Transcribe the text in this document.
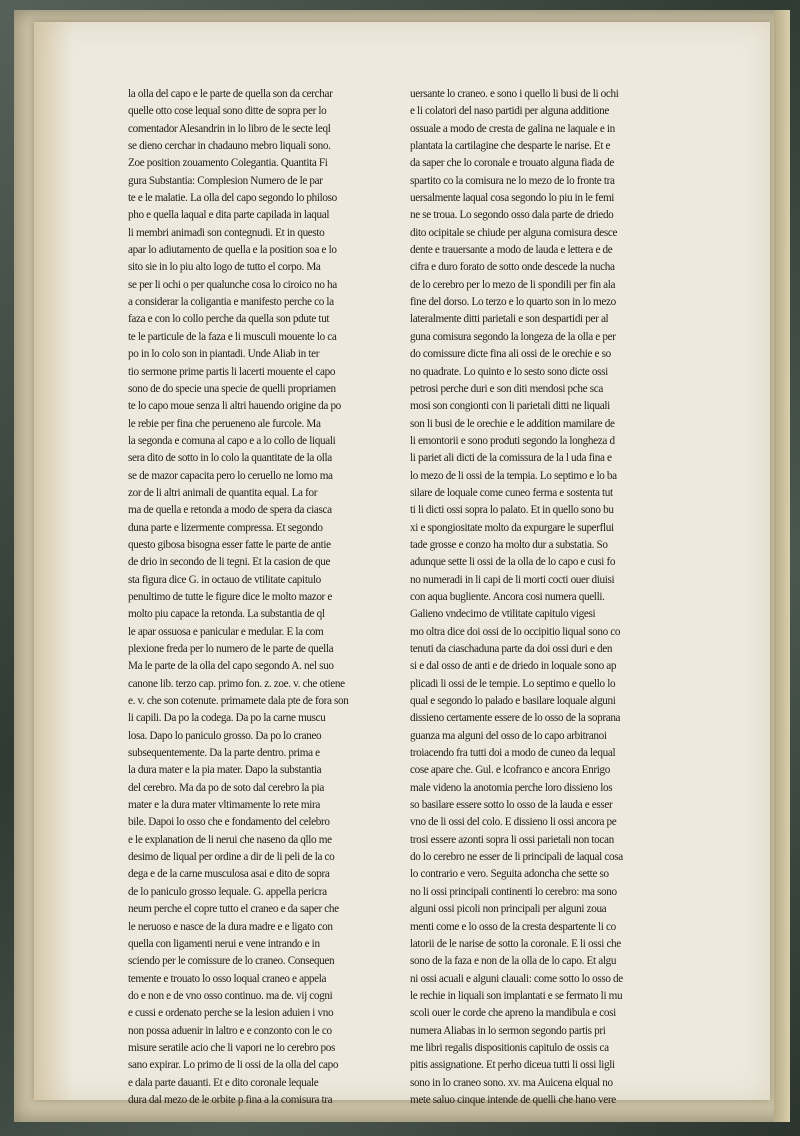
la olla del capo e le parte de quella son da cerchar
quelle otto cose lequal sono ditte de sopra per lo
comentador Alesandrin in lo libro de le secte leql
se dieno cerchar in chadauno mebro liquali sono.
Zoe position zouamento Colegantia. Quantita Fi
gura Substantia: Complesion Numero de le par
te e le malatie. La olla del capo segondo lo philoso
pho e quella laqual e dita parte capilada in laqual
li membri animadi son contegnudi. Et in questo
apar lo adiutamento de quella e la position soa e lo
sito sie in lo piu alto logo de tutto el corpo. Ma
se per li ochi o per qualunche cosa lo ciroico no ha
a considerar la coligantia e manifesto perche co la
faza e con lo collo perche da quella son pdute tut
te le particule de la faza e li musculi mouente lo ca
po in lo colo son in piantadi. Unde Aliab in ter
tio sermone prime partis li lacerti mouente el capo
sono de do specie una specie de quelli propriamen
te lo capo moue senza li altri hauendo origine da po
le rebie per fina che perueneno ale furcole. Ma
la segonda e comuna al capo e a lo collo de liquali
sera dito de sotto in lo colo la quantitate de la olla
se de mazor capacita pero lo ceruello ne lomo ma
zor de li altri animali de quantita equal. La for
ma de quella e retonda a modo de spera da ciasca
duna parte e lizermente compressa. Et segondo
questo gibosa bisogna esser fatte le parte de antie
de drio in secondo de li tegni. Et la casion de que
sta figura dice G. in octauo de vtilitate capitulo
penultimo de tutte le figure dice le molto mazor e
molto piu capace la retonda. La substantia de ql
le apar ossuosa e panicular e medular. E la com
plexione freda per lo numero de le parte de quella
Ma le parte de la olla del capo segondo A. nel suo
canone lib. terzo cap. primo fon. z. zoe. v. che otiene
e. v. che son cotenute. primamete dala pte de fora son
li capili. Da po la codega. Da po la carne muscu
losa. Dapo lo paniculo grosso. Da po lo craneo
subsequentemente. Da la parte dentro. prima e
la dura mater e la pia mater. Dapo la substantia
del cerebro. Ma da po de soto dal cerebro la pia
mater e la dura mater vltimamente lo rete mira
bile. Dapoi lo osso che e fondamento del celebro
e le explanation de li nerui che naseno da qllo me
desimo de liqual per ordine a dir de li peli de la co
dega e de la carne musculosa asai e dito de sopra
de lo paniculo grosso lequale. G. appella pericra
neum perche el copre tutto el craneo e da saper che
le neruoso e nasce de la dura madre e e ligato con
quella con ligamenti nerui e vene intrando e in
sciendo per le comissure de lo craneo. Consequen
temente e trouato lo osso loqual craneo e appela
do e non e de vno osso continuo. ma de. vij cogni
e cussi e ordenato perche se la lesion aduien i vno
non possa aduenir in laltro e e conzonto con le co
misure seratile acio che li vapori ne lo cerebro pos
sano expirar. Lo primo de li ossi de la olla del capo
e dala parte dauanti. Et e dito coronale lequale
dura dal mezo de le orbite p fina a la comisura tra
uersante lo craneo. e sono i quello li busi de li ochi
e li colatori del naso partidi per alguna additione
ossuale a modo de cresta de galina ne laquale e in
plantata la cartilagine che desparte le narise. Et e
da saper che lo coronale e trouato alguna fiada de
spartito co la comisura ne lo mezo de lo fronte tra
uersalmente laqual cosa segondo lo piu in le femi
ne se troua. Lo segondo osso dala parte de driedo
dito ocipitale se chiude per alguna comisura desce
dente e trauersante a modo de lauda e lettera e de
cifra e duro forato de sotto onde descede la nucha
de lo cerebro per lo mezo de li spondili per fin ala
fine del dorso. Lo terzo e lo quarto son in lo mezo
lateralmente ditti parietali e son despartidi per al
guna comisura segondo la longeza de la olla e per
do comissure dicte fina ali ossi de le orechie e so
no quadrate. Lo quinto e lo sesto sono dicte ossi
petrosi perche duri e son diti mendosi pche sca
mosi son congionti con li parietali ditti ne liquali
son li busi de le orechie e le addition mamilare de
li emontorii e sono produti segondo la longheza d
li pariet ali dicti de la comissura de la l uda fina e
lo mezo de li ossi de la tempia. Lo septimo e lo ba
silare de loquale come cuneo ferma e sostenta tut
ti li dicti ossi sopra lo palato. Et in quello sono bu
xi e spongiositate molto da expurgare le superflui
tade grosse e conzo ha molto dur a substatia. So
adunque sette li ossi de la olla de lo capo e cusi fo
no numeradi in li capi de li morti cocti ouer diuisi
con aqua bugliente. Ancora cosi numera quelli.
Galieno vndecimo de vtilitate capitulo vigesi
mo oltra dice doi ossi de lo occipitio liqual sono co
tenuti da ciaschaduna parte da doi ossi duri e den
si e dal osso de anti e de driedo in loquale sono ap
plicadi li ossi de le tempie. Lo septimo e quello lo
qual e segondo lo palado e basilare loquale alguni
dissieno certamente essere de lo osso de la soprana
guanza ma alguni del osso de lo capo arbitranoi
troiacendo fra tutti doi a modo de cuneo da lequal
cose apare che. Gul. e lcofranco e ancora Enrigo
male videno la anotomia perche loro dissieno los
so basilare essere sotto lo osso de la lauda e esser
vno de li ossi del colo. E dissieno li ossi ancora pe
trosi essere azonti sopra li ossi parietali non tocan
do lo cerebro ne esser de li principali de laqual cosa
lo contrario e vero. Seguita adoncha che sette so
no li ossi principali continenti lo cerebro: ma sono
alguni ossi picoli non principali per alguni zoua
menti come e lo osso de la cresta despartente li co
latorii de le narise de sotto la coronale. E li ossi che
sono de la faza e non de la olla de lo capo. Et algu
ni ossi acuali e alguni clauali: come sotto lo osso de
le rechie in liquali son implantati e se fermato li mu
scoli ouer le corde che apreno la mandibula e cosi
numera Aliabas in lo sermon segondo partis pri
me libri regalis dispositionis capitulo de ossis ca
pitis assignatione. Et perho diceua tutti li ossi ligli
sono in lo craneo sono. xv. ma Auicena elqual no
mete saluo cinque intende de quelli che hano vere
